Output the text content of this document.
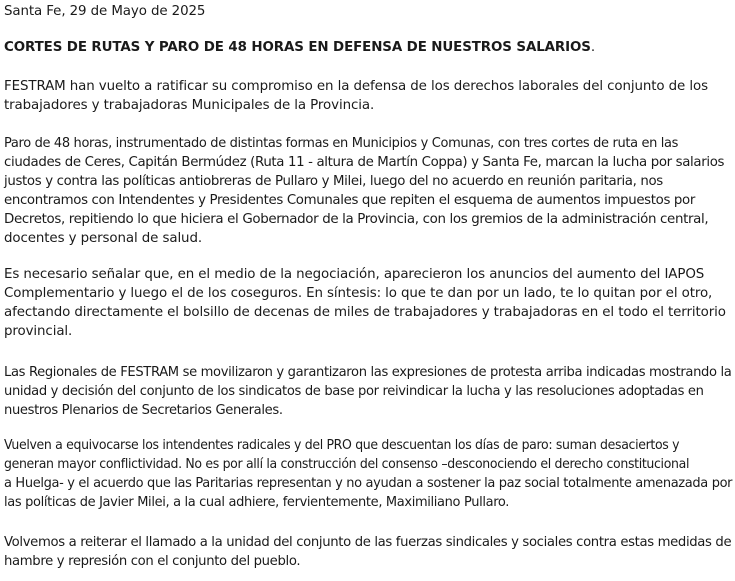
Santa Fe, 29 de Mayo de 2025
CORTES DE RUTAS Y PARO DE 48 HORAS EN DEFENSA DE NUESTROS SALARIOS.
FESTRAM han vuelto a ratificar su compromiso en la defensa de los derechos laborales del conjunto de los
trabajadores y trabajadoras Municipales de la Provincia.
Paro de 48 horas, instrumentado de distintas formas en Municipios y Comunas, con tres cortes de ruta en las
ciudades de Ceres, Capitán Bermúdez (Ruta 11 - altura de Martín Coppa) y Santa Fe, marcan la lucha por salarios
justos y contra las políticas antiobreras de Pullaro y Milei, luego del no acuerdo en reunión paritaria, nos
encontramos con Intendentes y Presidentes Comunales que repiten el esquema de aumentos impuestos por
Decretos, repitiendo lo que hiciera el Gobernador de la Provincia, con los gremios de la administración central,
docentes y personal de salud.
Es necesario señalar que, en el medio de la negociación, aparecieron los anuncios del aumento del IAPOS
Complementario y luego el de los coseguros. En síntesis: lo que te dan por un lado, te lo quitan por el otro,
afectando directamente el bolsillo de decenas de miles de trabajadores y trabajadoras en el todo el territorio
provincial.
Las Regionales de FESTRAM se movilizaron y garantizaron las expresiones de protesta arriba indicadas mostrando la
unidad y decisión del conjunto de los sindicatos de base por reivindicar la lucha y las resoluciones adoptadas en
nuestros Plenarios de Secretarios Generales.
Vuelven a equivocarse los intendentes radicales y del PRO que descuentan los días de paro: suman desaciertos y
generan mayor conflictividad. No es por allí la construcción del consenso –desconociendo el derecho constitucional
a Huelga- y el acuerdo que las Paritarias representan y no ayudan a sostener la paz social totalmente amenazada por
las políticas de Javier Milei, a la cual adhiere, fervientemente, Maximiliano Pullaro.
Volvemos a reiterar el llamado a la unidad del conjunto de las fuerzas sindicales y sociales contra estas medidas de
hambre y represión con el conjunto del pueblo.
